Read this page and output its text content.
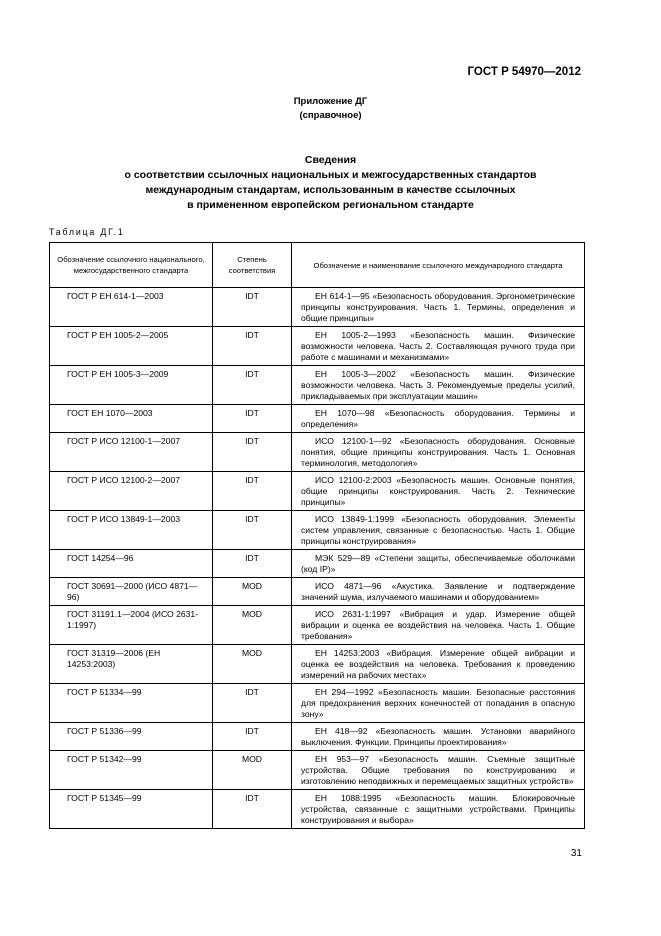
ГОСТ Р 54970—2012
Приложение ДГ
(справочное)
Сведения
о соответствии ссылочных национальных и межгосударственных стандартов
международным стандартам, использованным в качестве ссылочных
в примененном европейском региональном стандарте
Таблица ДГ.1
Обозначение ссылочного национального, межгосударственного стандарта	Степень соответствия	Обозначение и наименование ссылочного международного стандарта
ГОСТ Р ЕН 614-1—2003	IDT	ЕН 614-1—95 «Безопасность оборудования. Эргонометрические принципы конструирования. Часть 1. Термины, определения и общие принципы»
ГОСТ Р ЕН 1005-2—2005	IDT	ЕН 1005-2—1993 «Безопасность машин. Физические возможности человека. Часть 2. Составляющая ручного труда при работе с машинами и механизмами»
ГОСТ Р ЕН 1005-3—2009	IDT	ЕН 1005-3—2002 «Безопасность машин. Физические возможности человека. Часть 3. Рекомендуемые пределы усилий, прикладываемых при эксплуатации машин»
ГОСТ ЕН 1070—2003	IDT	ЕН 1070—98 «Безопасность оборудования. Термины и определения»
ГОСТ Р ИСО 12100-1—2007	IDT	ИСО 12100-1—92 «Безопасность оборудования. Основные понятия, общие принципы конструирования. Часть 1. Основная терминология, методология»
ГОСТ Р ИСО 12100-2—2007	IDT	ИСО 12100-2:2003 «Безопасность машин. Основные понятия, общие принципы конструирования. Часть 2. Технические принципы»
ГОСТ Р ИСО 13849-1—2003	IDT	ИСО 13849-1:1999 «Безопасность оборудования. Элементы систем управления, связанные с безопасностью. Часть 1. Общие принципы конструирования»
ГОСТ 14254—96	IDT	МЭК 529—89 «Степени защиты, обеспечиваемые оболочками (код IP)»
ГОСТ 30691—2000 (ИСО 4871—96)	MOD	ИСО 4871—96 «Акустика. Заявление и подтверждение значений шума, излучаемого машинами и оборудованием»
ГОСТ 31191.1—2004 (ИСО 2631-1:1997)	MOD	ИСО 2631-1:1997 «Вибрация и удар. Измерение общей вибрации и оценка ее воздействия на человека. Часть 1. Общие требования»
ГОСТ 31319—2006 (ЕН 14253:2003)	MOD	ЕН 14253:2003 «Вибрация. Измерение общей вибрации и оценка ее воздействия на человека. Требования к проведению измерений на рабочих местах»
ГОСТ Р 51334—99	IDT	ЕН 294—1992 «Безопасность машин. Безопасные расстояния для предохранения верхних конечностей от попадания в опасную зону»
ГОСТ Р 51336—99	IDT	ЕН 418—92 «Безопасность машин. Установки аварийного выключения. Функции. Принципы проектирования»
ГОСТ Р 51342—99	MOD	ЕН 953—97 «Безопасность машин. Съемные защитные устройства. Общие требования по конструированию и изготовлению неподвижных и перемещаемых защитных устройств»
ГОСТ Р 51345—99	IDT	ЕН 1088:1995 «Безопасность машин. Блокировочные устройства, связанные с защитными устройствами. Принципы конструирования и выбора»
31
